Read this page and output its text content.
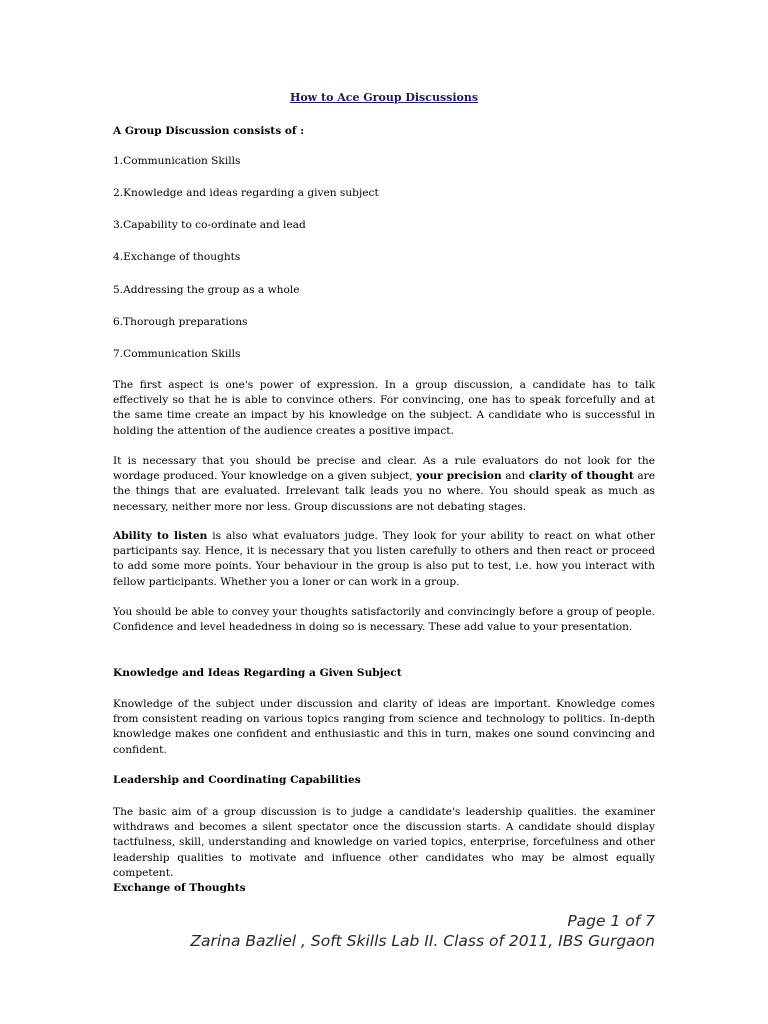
How to Ace Group Discussions
A Group Discussion consists of :
1.Communication Skills
2.Knowledge and ideas regarding a given subject
3.Capability to co-ordinate and lead
4.Exchange of thoughts
5.Addressing the group as a whole
6.Thorough preparations
7.Communication Skills

The first aspect is one's power of expression. In a group discussion, a candidate has to talk effectively so that he is able to convince others. For convincing, one has to speak forcefully and at the same time create an impact by his knowledge on the subject. A candidate who is successful in holding the attention of the audience creates a positive impact.

It is necessary that you should be precise and clear. As a rule evaluators do not look for the wordage produced. Your knowledge on a given subject, your precision and clarity of thought are the things that are evaluated. Irrelevant talk leads you no where. You should speak as much as necessary, neither more nor less. Group discussions are not debating stages.

Ability to listen is also what evaluators judge. They look for your ability to react on what other participants say. Hence, it is necessary that you listen carefully to others and then react or proceed to add some more points. Your behaviour in the group is also put to test, i.e. how you interact with fellow participants. Whether you a loner or can work in a group.

You should be able to convey your thoughts satisfactorily and convincingly before a group of people. Confidence and level headedness in doing so is necessary. These add value to your presentation.

Knowledge and Ideas Regarding a Given Subject

Knowledge of the subject under discussion and clarity of ideas are important. Knowledge comes from consistent reading on various topics ranging from science and technology to politics. In-depth knowledge makes one confident and enthusiastic and this in turn, makes one sound convincing and confident.

Leadership and Coordinating Capabilities

The basic aim of a group discussion is to judge a candidate's leadership qualities. the examiner withdraws and becomes a silent spectator once the discussion starts. A candidate should display tactfulness, skill, understanding and knowledge on varied topics, enterprise, forcefulness and other leadership qualities to motivate and influence other candidates who may be almost equally competent.

Exchange of Thoughts
Page 1 of 7
Zarina Bazliel , Soft Skills Lab II. Class of 2011, IBS Gurgaon
